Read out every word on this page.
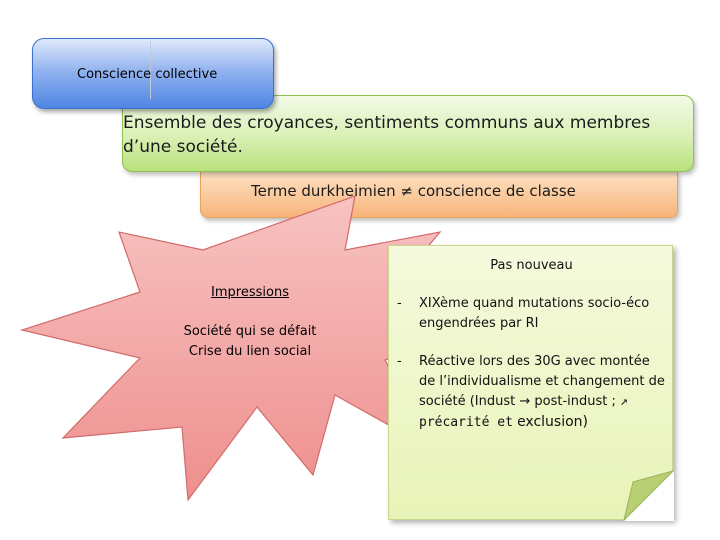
Terme durkheimien ≠ conscience de classe
Ensemble des croyances, sentiments communs aux membres d’une société.
Conscience collective
Impressions
Société qui se défait
Crise du lien social
Pas nouveau
- XIXème quand mutations socio-éco engendrées par RI
- Réactive lors des 30G avec montée de l’individualisme et changement de société (Indust → post-indust ; ↗ précarité et exclusion)
